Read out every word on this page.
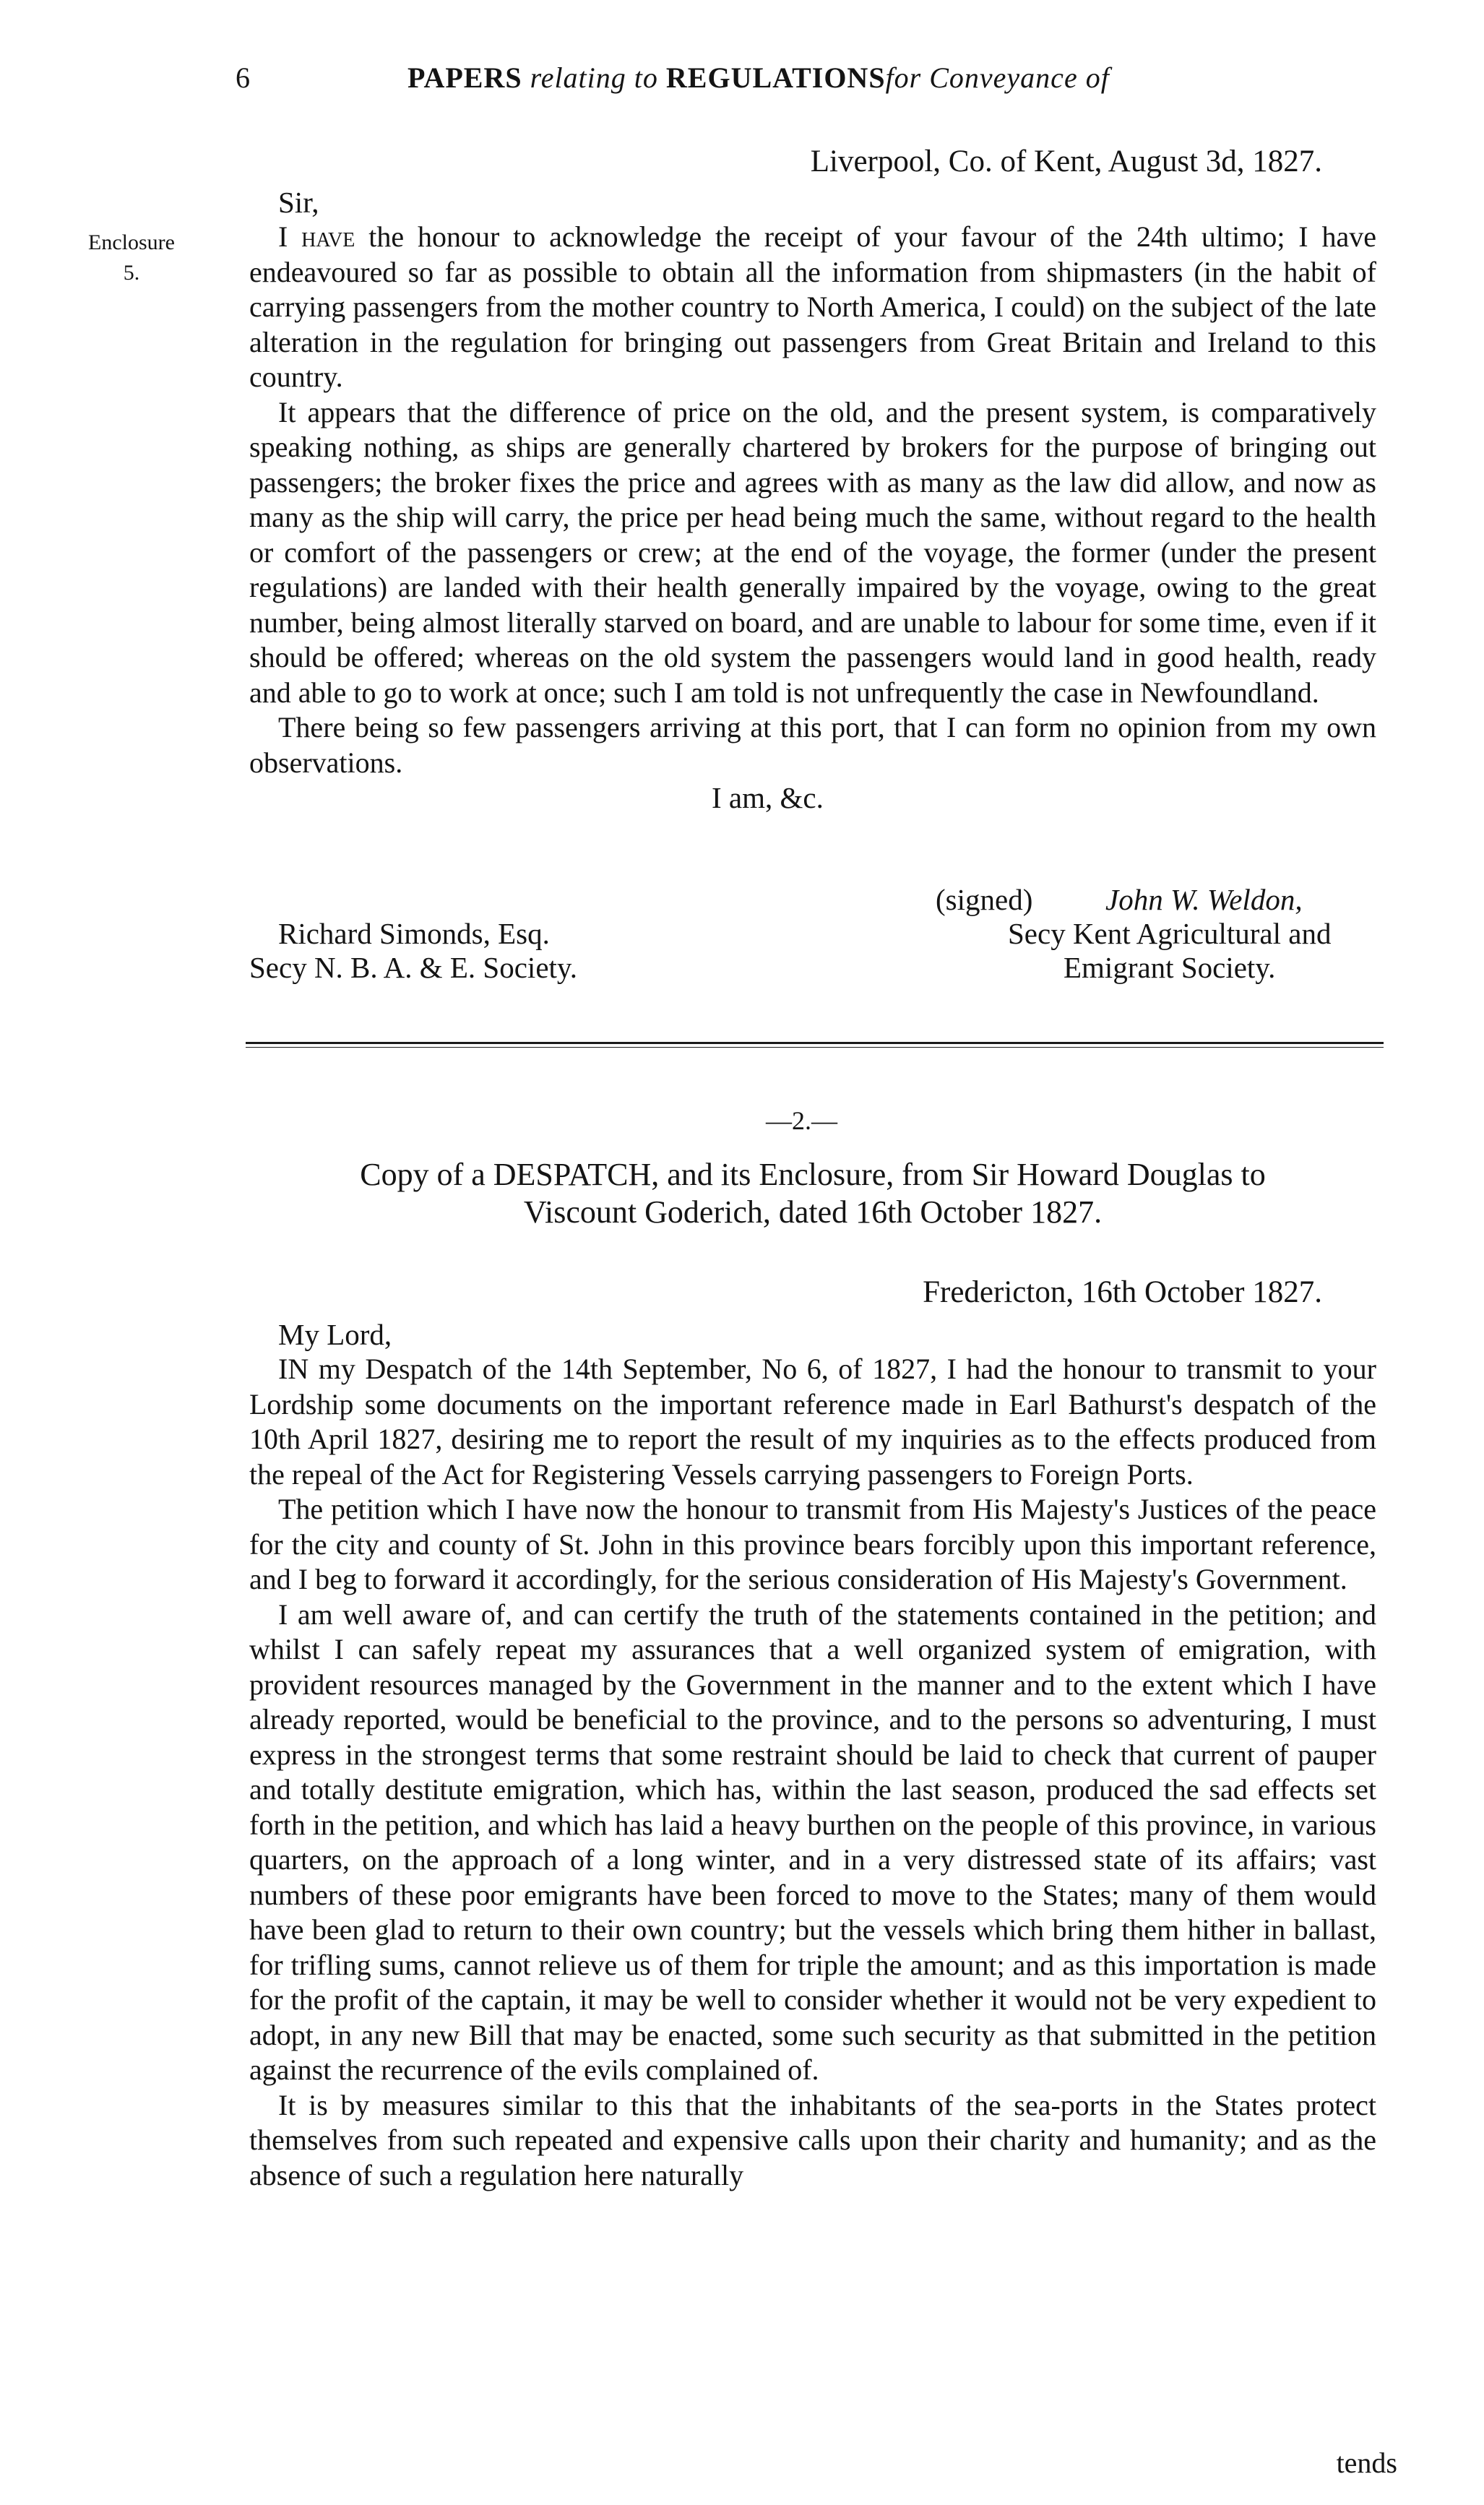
6	PAPERS relating to REGULATIONSfor Conveyance of
Enclosure
5.
Liverpool, Co. of Kent, August 3d, 1827.
Sir,

I have the honour to acknowledge the receipt of your favour of the 24th ultimo; I have endeavoured so far as possible to obtain all the information from shipmasters (in the habit of carrying passengers from the mother country to North America, I could) on the subject of the late alteration in the regulation for bringing out passengers from Great Britain and Ireland to this country.

It appears that the difference of price on the old, and the present system, is comparatively speaking nothing, as ships are generally chartered by brokers for the purpose of bringing out passengers; the broker fixes the price and agrees with as many as the law did allow, and now as many as the ship will carry, the price per head being much the same, without regard to the health or comfort of the passengers or crew; at the end of the voyage, the former (under the present regulations) are landed with their health generally impaired by the voyage, owing to the great number, being almost literally starved on board, and are unable to labour for some time, even if it should be offered; whereas on the old system the passengers would land in good health, ready and able to go to work at once; such I am told is not unfrequently the case in Newfoundland.

There being so few passengers arriving at this port, that I can form no opinion from my own observations.

I am, &c.
(signed) John W. Weldon,
Secy Kent Agricultural and
Emigrant Society.
Richard Simonds, Esq.
Secy N. B. A. & E. Society.
—2.—
Copy of a DESPATCH, and its Enclosure, from Sir Howard Douglas to
Viscount Goderich, dated 16th October 1827.
Fredericton, 16th October 1827.
My Lord,

IN my Despatch of the 14th September, No 6, of 1827, I had the honour to transmit to your Lordship some documents on the important reference made in Earl Bathurst's despatch of the 10th April 1827, desiring me to report the result of my inquiries as to the effects produced from the repeal of the Act for Registering Vessels carrying passengers to Foreign Ports.

The petition which I have now the honour to transmit from His Majesty's Justices of the peace for the city and county of St. John in this province bears forcibly upon this important reference, and I beg to forward it accordingly, for the serious consideration of His Majesty's Government.

I am well aware of, and can certify the truth of the statements contained in the petition; and whilst I can safely repeat my assurances that a well organized system of emigration, with provident resources managed by the Government in the manner and to the extent which I have already reported, would be beneficial to the province, and to the persons so adventuring, I must express in the strongest terms that some restraint should be laid to check that current of pauper and totally destitute emigration, which has, within the last season, produced the sad effects set forth in the petition, and which has laid a heavy burthen on the people of this province, in various quarters, on the approach of a long winter, and in a very distressed state of its affairs; vast numbers of these poor emigrants have been forced to move to the States; many of them would have been glad to return to their own country; but the vessels which bring them hither in ballast, for trifling sums, cannot relieve us of them for triple the amount; and as this importation is made for the profit of the captain, it may be well to consider whether it would not be very expedient to adopt, in any new Bill that may be enacted, some such security as that submitted in the petition against the recurrence of the evils complained of.

It is by measures similar to this that the inhabitants of the sea-ports in the States protect themselves from such repeated and expensive calls upon their charity and humanity; and as the absence of such a regulation here naturally

tends
